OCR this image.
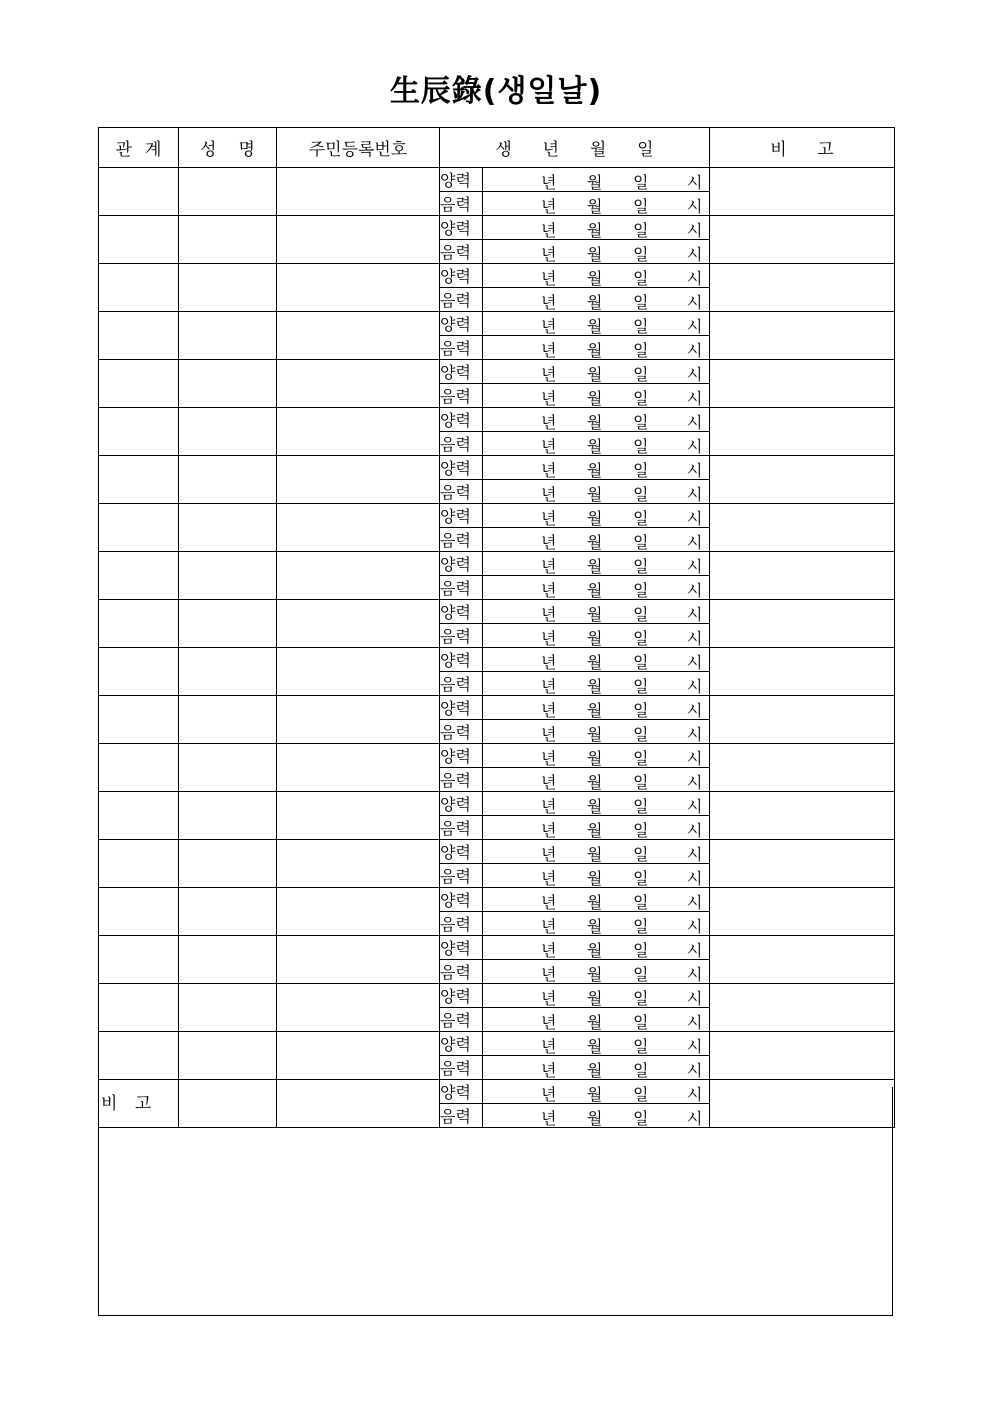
生辰錄(생일날)
관 계	성 명	주민등록번호	생 년 월 일		비 고

			양력	년 월 일 시	

			음력	년 월 일 시	

			양력	년 월 일 시	

			음력	년 월 일 시	

			양력	년 월 일 시	

			음력	년 월 일 시	

			양력	년 월 일 시	

			음력	년 월 일 시	

			양력	년 월 일 시	

			음력	년 월 일 시	

			양력	년 월 일 시	

			음력	년 월 일 시	

			양력	년 월 일 시	

			음력	년 월 일 시	

			양력	년 월 일 시	

			음력	년 월 일 시	

			양력	년 월 일 시	

			음력	년 월 일 시	

			양력	년 월 일 시	

			음력	년 월 일 시	

			양력	년 월 일 시	

			음력	년 월 일 시	

			양력	년 월 일 시	

			음력	년 월 일 시	

			양력	년 월 일 시	

			음력	년 월 일 시	

			양력	년 월 일 시	

			음력	년 월 일 시	

			양력	년 월 일 시	

			음력	년 월 일 시	

			양력	년 월 일 시	

			음력	년 월 일 시	

			양력	년 월 일 시	

			음력	년 월 일 시	

			양력	년 월 일 시	

			음력	년 월 일 시	

			양력	년 월 일 시	

			음력	년 월 일 시	

			양력	년 월 일 시	

			음력	년 월 일 시	
비 고
